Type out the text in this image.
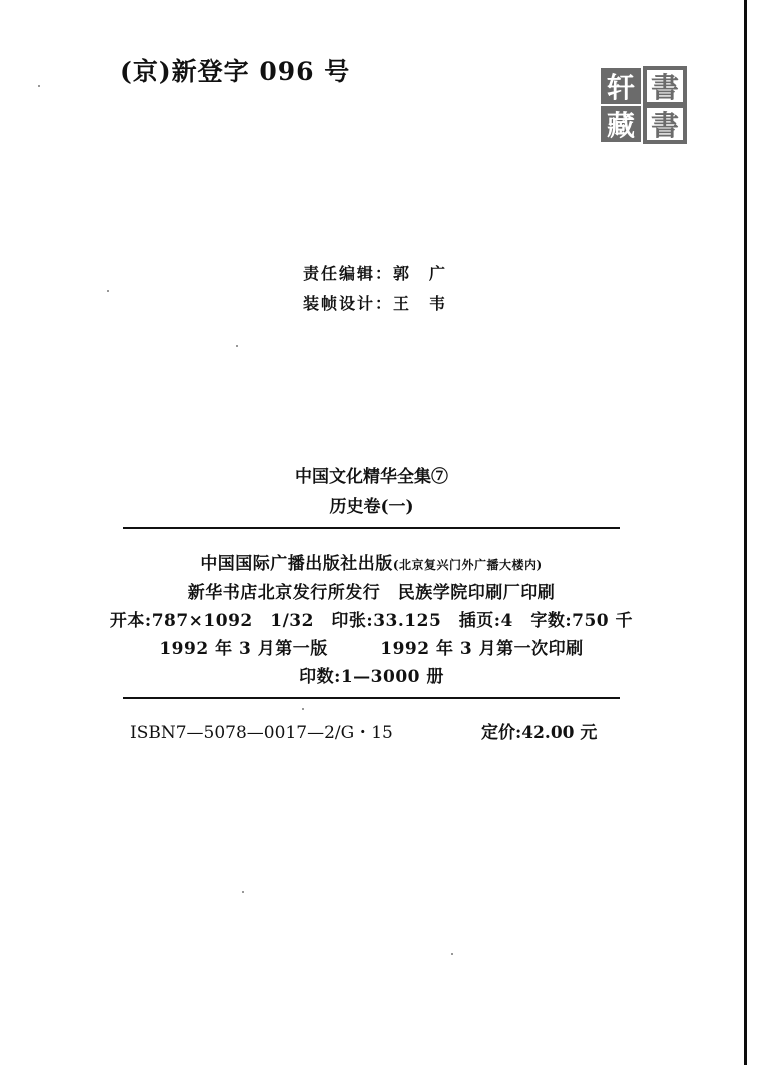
(京)新登字 096 号	轩 書
藏 書
责任编辑：郭　广
装帧设计：王　韦
中国文化精华全集⑦
历史卷(一)
中国国际广播出版社出版(北京复兴门外广播大楼内)
新华书店北京发行所发行　民族学院印刷厂印刷
开本:787×1092　1/32　印张:33.125　插页:4　字数:750 千
1992 年 3 月第一版　　　1992 年 3 月第一次印刷
印数:1—3000 册
ISBN7—5078—0017—2/G・15	定价:42.00 元
